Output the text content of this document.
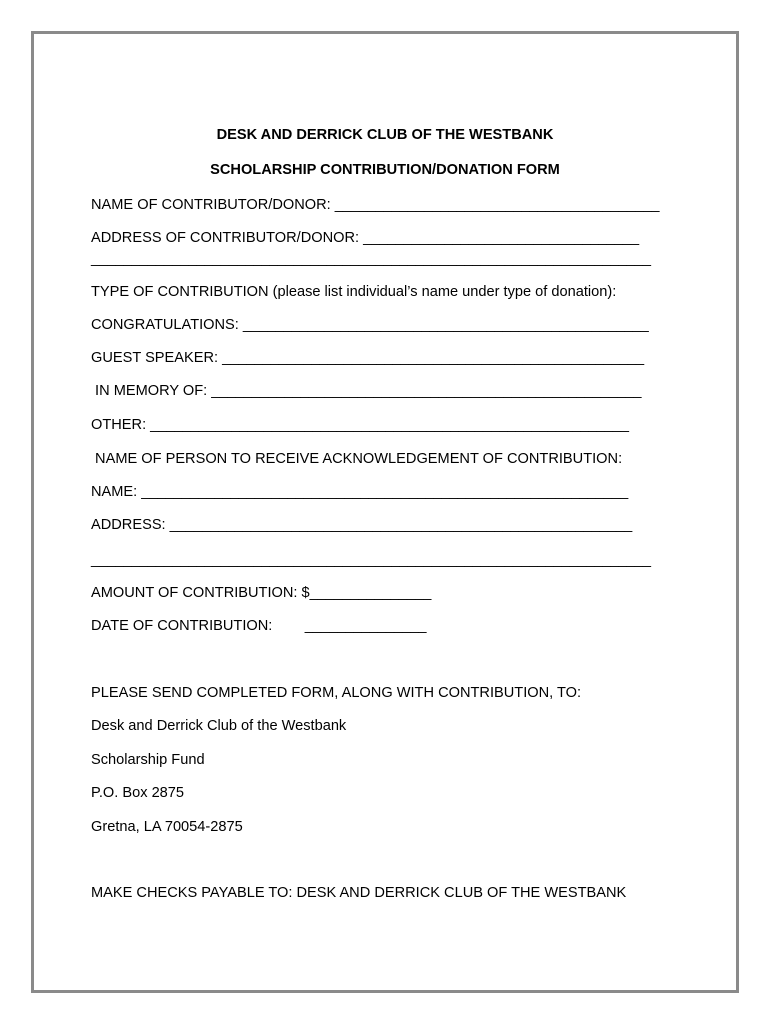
DESK AND DERRICK CLUB OF THE WESTBANK
SCHOLARSHIP CONTRIBUTION/DONATION FORM
NAME OF CONTRIBUTOR/DONOR: ________________________________________
ADDRESS OF CONTRIBUTOR/DONOR: __________________________________
_____________________________________________________________________
TYPE OF CONTRIBUTION (please list individual’s name under type of donation):
CONGRATULATIONS: __________________________________________________
GUEST SPEAKER: ____________________________________________________
IN MEMORY OF: _____________________________________________________
OTHER: ___________________________________________________________
NAME OF PERSON TO RECEIVE ACKNOWLEDGEMENT OF CONTRIBUTION:
NAME: ____________________________________________________________
ADDRESS: _________________________________________________________
_____________________________________________________________________
AMOUNT OF CONTRIBUTION: $_______________
DATE OF CONTRIBUTION:        _______________
PLEASE SEND COMPLETED FORM, ALONG WITH CONTRIBUTION, TO:
Desk and Derrick Club of the Westbank
Scholarship Fund
P.O. Box 2875
Gretna, LA 70054-2875
MAKE CHECKS PAYABLE TO: DESK AND DERRICK CLUB OF THE WESTBANK
